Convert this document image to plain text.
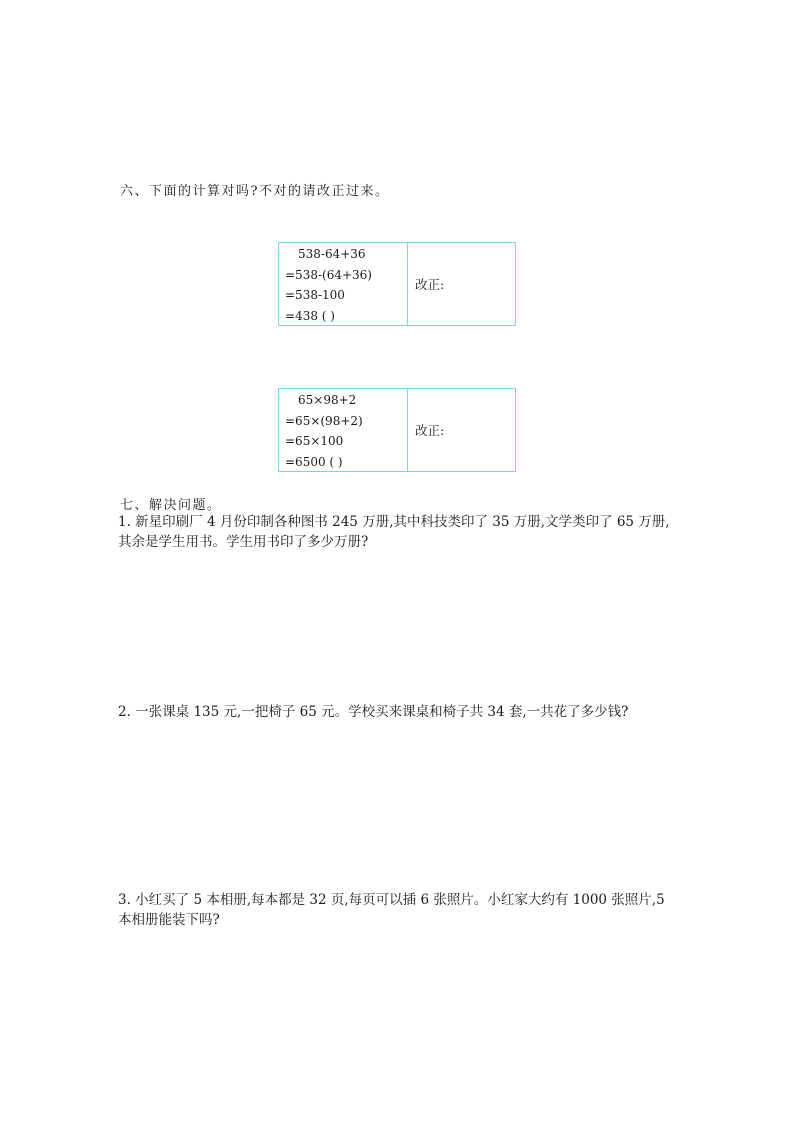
六、下面的计算对吗?不对的请改正过来。
538-64+36
=538-(64+36)
=538-100
=438 ( )
改正:
65×98+2
=65×(98+2)
=65×100
=6500 ( )
改正:
七、解决问题。
1. 新星印刷厂 4 月份印制各种图书 245 万册,其中科技类印了 35 万册,文学类印了 65 万册,其余是学生用书。学生用书印了多少万册?
2. 一张课桌 135 元,一把椅子 65 元。学校买来课桌和椅子共 34 套,一共花了多少钱?
3. 小红买了 5 本相册,每本都是 32 页,每页可以插 6 张照片。小红家大约有 1000 张照片,5 本相册能装下吗?
